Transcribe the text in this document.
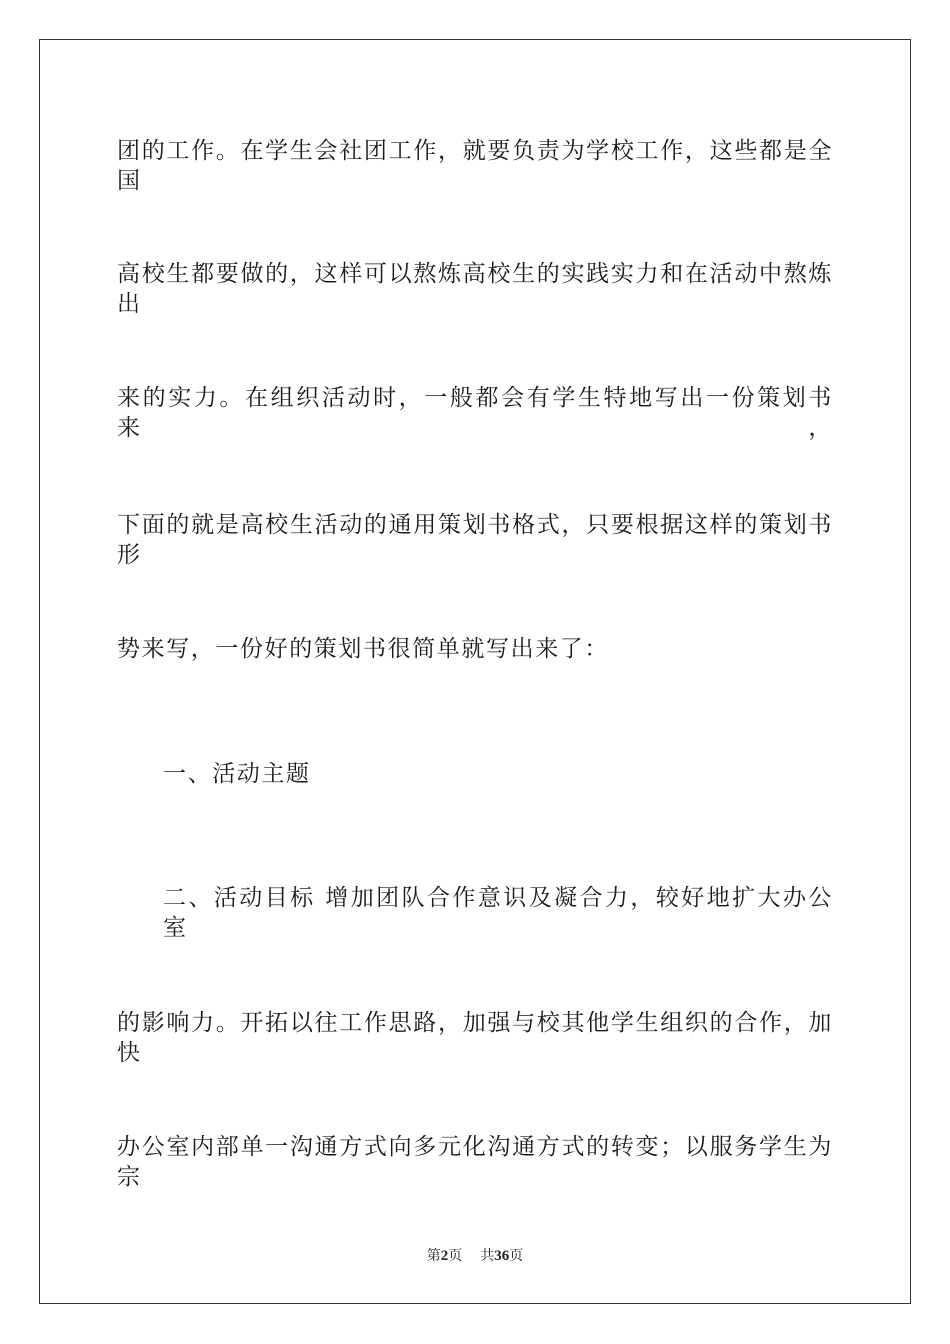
团的工作。在学生会社团工作，就要负责为学校工作，这些都是全国
高校生都要做的，这样可以熬炼高校生的实践实力和在活动中熬炼出
来的实力。在组织活动时，一般都会有学生特地写出一份策划书来，
下面的就是高校生活动的通用策划书格式，只要根据这样的策划书形
势来写，一份好的策划书很简单就写出来了：
一、活动主题
二、活动目标 增加团队合作意识及凝合力，较好地扩大办公室
的影响力。开拓以往工作思路，加强与校其他学生组织的合作，加快
办公室内部单一沟通方式向多元化沟通方式的转变；以服务学生为宗
第2页 共36页
